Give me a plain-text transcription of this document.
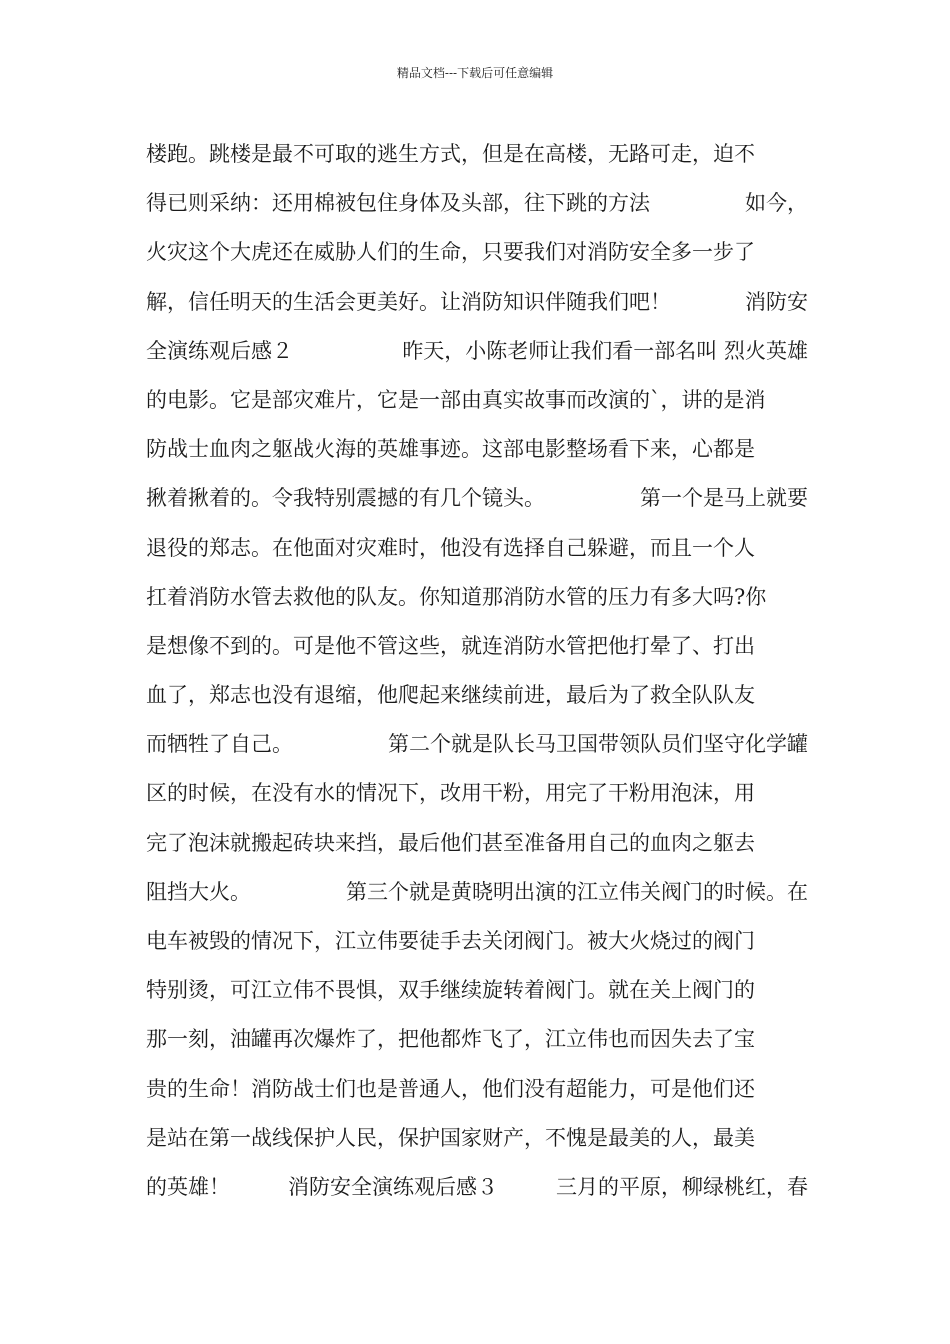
精品文档---下载后可任意编辑
楼跑。跳楼是最不可取的逃生方式，但是在高楼，无路可走，迫不
得已则采纳：还用棉被包住身体及头部，往下跳的方法	如今，
火灾这个大虎还在威胁人们的生命，只要我们对消防安全多一步了
解，信任明天的生活会更美好。让消防知识伴随我们吧！	消防安
全演练观后感２	昨天，小陈老师让我们看一部名叫 烈火英雄
的电影。它是部灾难片，它是一部由真实故事而改演的`，讲的是消
防战士血肉之躯战火海的英雄事迹。这部电影整场看下来，心都是
揪着揪着的。令我特别震撼的有几个镜头。	第一个是马上就要
退役的郑志。在他面对灾难时，他没有选择自己躲避，而且一个人
扛着消防水管去救他的队友。你知道那消防水管的压力有多大吗?你
是想像不到的。可是他不管这些，就连消防水管把他打晕了、打出
血了，郑志也没有退缩，他爬起来继续前进，最后为了救全队队友
而牺牲了自己。	第二个就是队长马卫国带领队员们坚守化学罐
区的时候，在没有水的情况下，改用干粉，用完了干粉用泡沫，用
完了泡沫就搬起砖块来挡，最后他们甚至准备用自己的血肉之躯去
阻挡大火。	第三个就是黄晓明出演的江立伟关阀门的时候。在
电车被毁的情况下，江立伟要徒手去关闭阀门。被大火烧过的阀门
特别烫，可江立伟不畏惧，双手继续旋转着阀门。就在关上阀门的
那一刻，油罐再次爆炸了，把他都炸飞了，江立伟也而因失去了宝
贵的生命！消防战士们也是普通人，他们没有超能力，可是他们还
是站在第一战线保护人民，保护国家财产，不愧是最美的人，最美
的英雄！	消防安全演练观后感３	三月的平原，柳绿桃红，春
